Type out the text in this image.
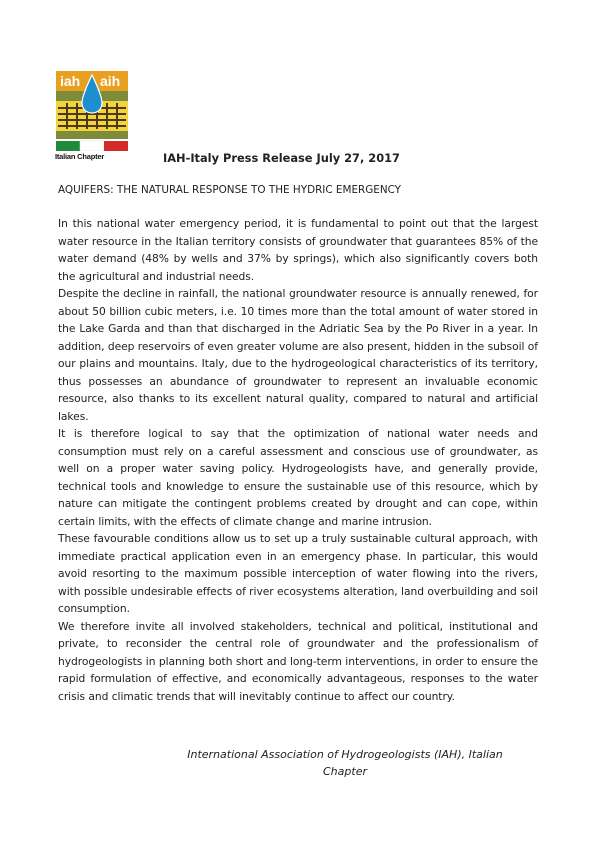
iah aih
Italian Chapter	IAH-Italy Press Release July 27, 2017
AQUIFERS: THE NATURAL RESPONSE TO THE HYDRIC EMERGENCY

In this national water emergency period, it is fundamental to point out that the largest water resource in the Italian territory consists of groundwater that guarantees 85% of the water demand (48% by wells and 37% by springs), which also significantly covers both the agricultural and industrial needs.

Despite the decline in rainfall, the national groundwater resource is annually renewed, for about 50 billion cubic meters, i.e. 10 times more than the total amount of water stored in the Lake Garda and than that discharged in the Adriatic Sea by the Po River in a year. In addition, deep reservoirs of even greater volume are also present, hidden in the subsoil of our plains and mountains. Italy, due to the hydrogeological characteristics of its territory, thus possesses an abundance of groundwater to represent an invaluable economic resource, also thanks to its excellent natural quality, compared to natural and artificial lakes.

It is therefore logical to say that the optimization of national water needs and consumption must rely on a careful assessment and conscious use of groundwater, as well on a proper water saving policy. Hydrogeologists have, and generally provide, technical tools and knowledge to ensure the sustainable use of this resource, which by nature can mitigate the contingent problems created by drought and can cope, within certain limits, with the effects of climate change and marine intrusion.

These favourable conditions allow us to set up a truly sustainable cultural approach, with immediate practical application even in an emergency phase. In particular, this would avoid resorting to the maximum possible interception of water flowing into the rivers, with possible undesirable effects of river ecosystems alteration, land overbuilding and soil consumption.

We therefore invite all involved stakeholders, technical and political, institutional and private, to reconsider the central role of groundwater and the professionalism of hydrogeologists in planning both short and long-term interventions, in order to ensure the rapid formulation of effective, and economically advantageous, responses to the water crisis and climatic trends that will inevitably continue to affect our country.

International Association of Hydrogeologists (IAH), Italian
Chapter
